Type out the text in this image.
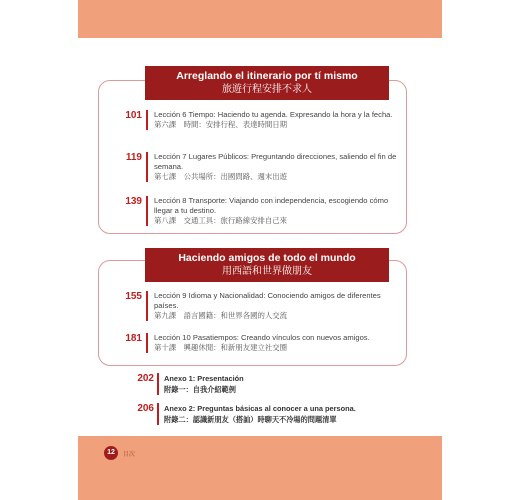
Arreglando el itinerario por tí mismo
旅遊行程安排不求人
101	Lección 6 Tiempo: Haciendo tu agenda. Expresando la hora y la fecha.
第六課　時間：安排行程、表達時間日期
119	Lección 7 Lugares Públicos: Preguntando direcciones, saliendo el fin de semana.
第七課　公共場所：出國問路、週末出遊
139	Lección 8 Transporte: Viajando con independencia, escogiendo cómo llegar a tu destino.
第八課　交通工具：旅行路線安排自己來
Haciendo amigos de todo el mundo
用西語和世界做朋友
155	Lección 9 Idioma y Nacionalidad: Conociendo amigos de diferentes países.
第九課　語言國籍：和世界各國的人交流
181	Lección 10 Pasatiempos: Creando vínculos con nuevos amigos.
第十課　興趣休閒：和新朋友建立社交圈
202	Anexo 1: Presentación
附錄一：自我介紹範例
206	Anexo 2: Preguntas básicas al conocer a una persona.
附錄二：認識新朋友（搭訕）時聊天不冷場的問題清單
12	目次
